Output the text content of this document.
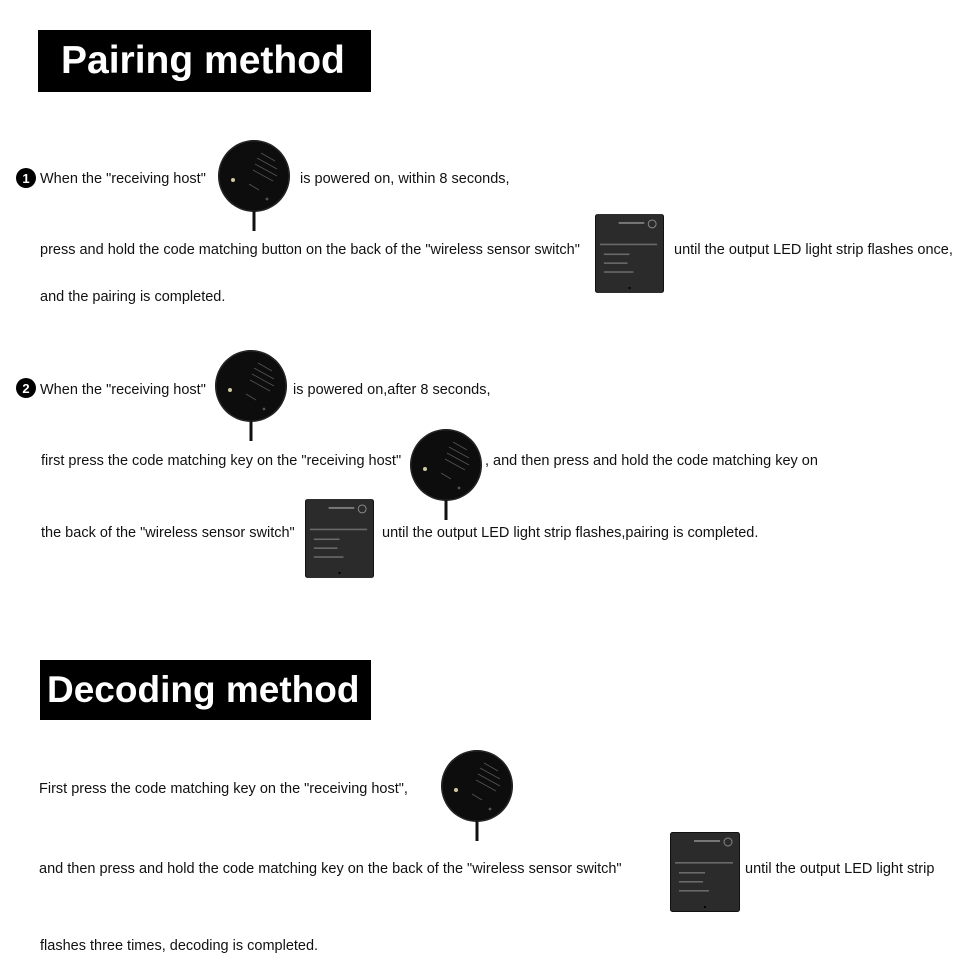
Pairing method
1 When the "receiving host"	is powered on, within 8 seconds,
press and hold the code matching button on the back of the "wireless sensor switch"	until the output LED light strip flashes once,
and the pairing is completed.
2 When the "receiving host"	is powered on,after 8 seconds,
first press the code matching key on the "receiving host"	, and then press and hold the code matching key on
the back of the "wireless sensor switch"	until the output LED light strip flashes,pairing is completed.
Decoding method
First press the code matching key on the "receiving host",
and then press and hold the code matching key on the back of the "wireless sensor switch"	until the output LED light strip
flashes three times, decoding is completed.
